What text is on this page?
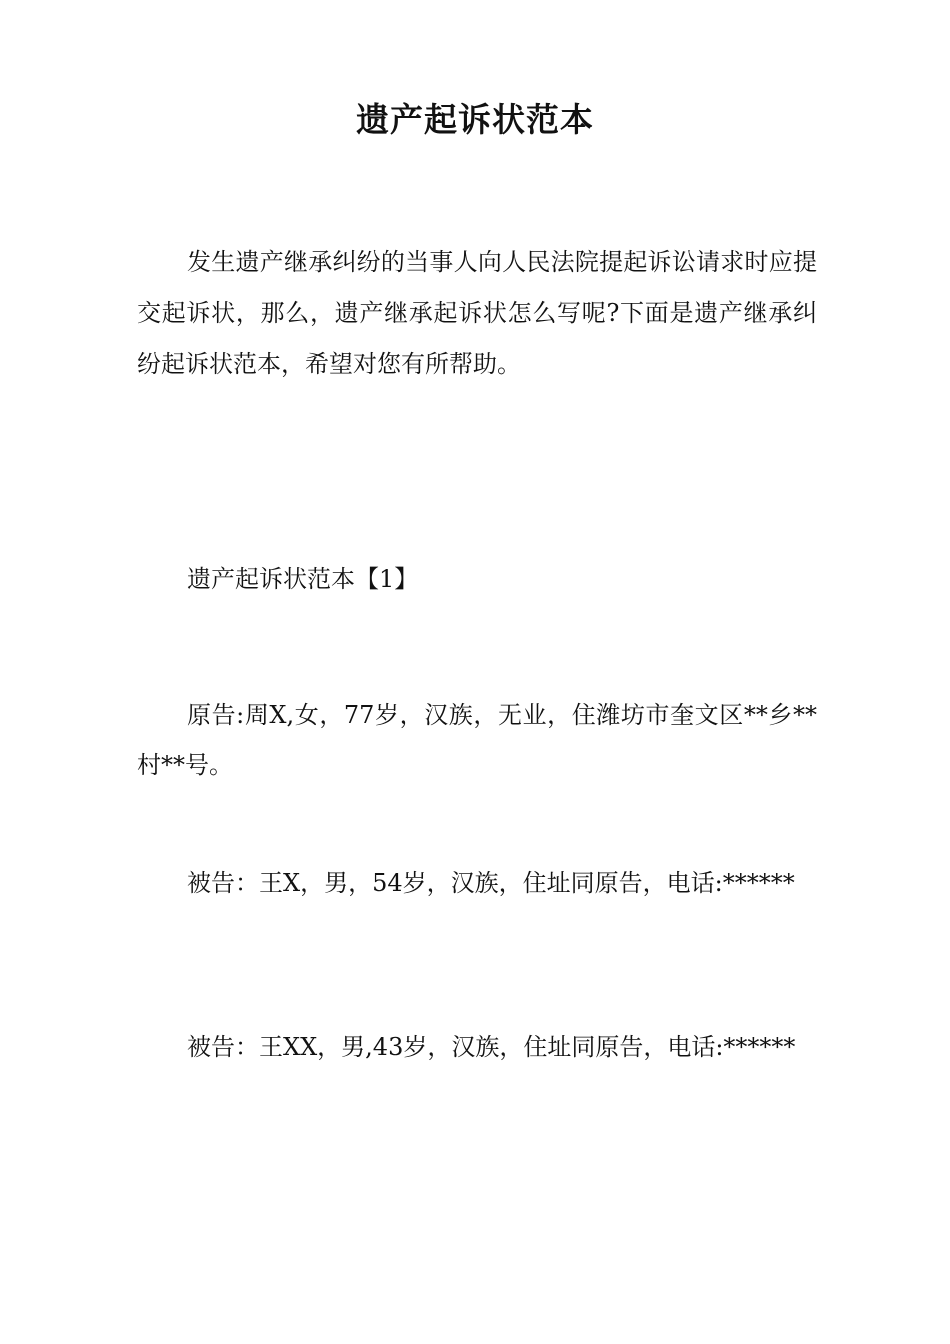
遗产起诉状范本

发生遗产继承纠纷的当事人向人民法院提起诉讼请求时应提交起诉状，那么，遗产继承起诉状怎么写呢?下面是遗产继承纠纷起诉状范本，希望对您有所帮助。

遗产起诉状范本【1】

原告:周X,女，77岁，汉族，无业，住潍坊市奎文区**乡**村**号。

被告：王X，男，54岁，汉族，住址同原告，电话:******

被告：王XX，男,43岁，汉族，住址同原告，电话:******
